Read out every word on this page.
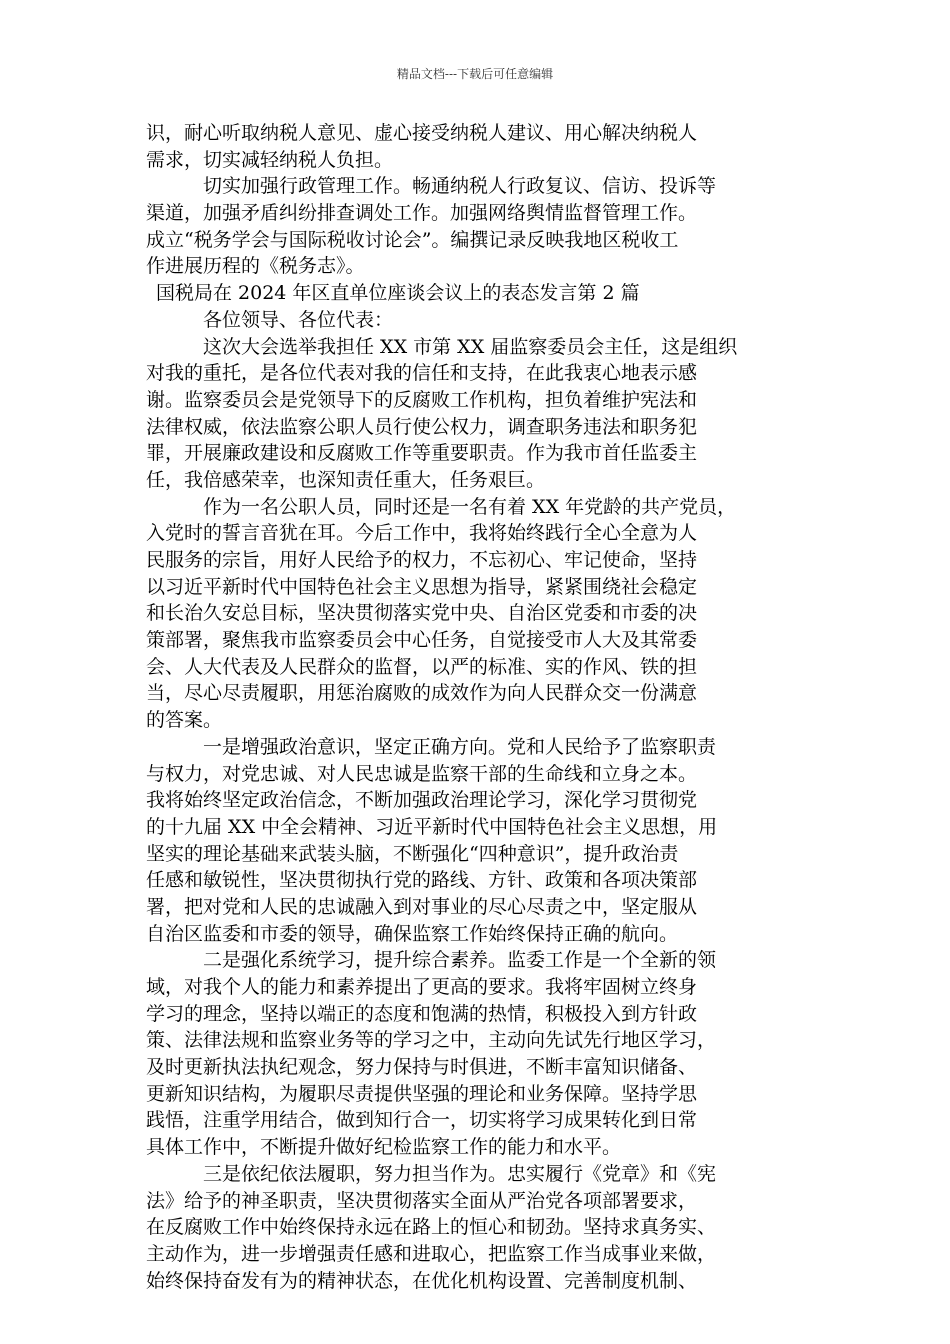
精品文档---下载后可任意编辑
识，耐心听取纳税人意见、虚心接受纳税人建议、用心解决纳税人
需求，切实减轻纳税人负担。
切实加强行政管理工作。畅通纳税人行政复议、信访、投诉等
渠道，加强矛盾纠纷排查调处工作。加强网络舆情监督管理工作。
成立“税务学会与国际税收讨论会”。编撰记录反映我地区税收工
作进展历程的《税务志》。
国税局在 2024 年区直单位座谈会议上的表态发言第 2 篇
各位领导、各位代表：
这次大会选举我担任 XX 市第 XX 届监察委员会主任，这是组织
对我的重托，是各位代表对我的信任和支持，在此我衷心地表示感
谢。监察委员会是党领导下的反腐败工作机构，担负着维护宪法和
法律权威，依法监察公职人员行使公权力，调查职务违法和职务犯
罪，开展廉政建设和反腐败工作等重要职责。作为我市首任监委主
任，我倍感荣幸，也深知责任重大，任务艰巨。
作为一名公职人员，同时还是一名有着 XX 年党龄的共产党员，
入党时的誓言音犹在耳。今后工作中，我将始终践行全心全意为人
民服务的宗旨，用好人民给予的权力，不忘初心、牢记使命，坚持
以习近平新时代中国特色社会主义思想为指导，紧紧围绕社会稳定
和长治久安总目标，坚决贯彻落实党中央、自治区党委和市委的决
策部署，聚焦我市监察委员会中心任务，自觉接受市人大及其常委
会、人大代表及人民群众的监督，以严的标准、实的作风、铁的担
当，尽心尽责履职，用惩治腐败的成效作为向人民群众交一份满意
的答案。
一是增强政治意识，坚定正确方向。党和人民给予了监察职责
与权力，对党忠诚、对人民忠诚是监察干部的生命线和立身之本。
我将始终坚定政治信念，不断加强政治理论学习，深化学习贯彻党
的十九届 XX 中全会精神、习近平新时代中国特色社会主义思想，用
坚实的理论基础来武装头脑，不断强化“四种意识”，提升政治责
任感和敏锐性，坚决贯彻执行党的路线、方针、政策和各项决策部
署，把对党和人民的忠诚融入到对事业的尽心尽责之中，坚定服从
自治区监委和市委的领导，确保监察工作始终保持正确的航向。
二是强化系统学习，提升综合素养。监委工作是一个全新的领
域，对我个人的能力和素养提出了更高的要求。我将牢固树立终身
学习的理念，坚持以端正的态度和饱满的热情，积极投入到方针政
策、法律法规和监察业务等的学习之中，主动向先试先行地区学习，
及时更新执法执纪观念，努力保持与时俱进，不断丰富知识储备、
更新知识结构，为履职尽责提供坚强的理论和业务保障。坚持学思
践悟，注重学用结合，做到知行合一，切实将学习成果转化到日常
具体工作中，不断提升做好纪检监察工作的能力和水平。
三是依纪依法履职，努力担当作为。忠实履行《党章》和《宪
法》给予的神圣职责，坚决贯彻落实全面从严治党各项部署要求，
在反腐败工作中始终保持永远在路上的恒心和韧劲。坚持求真务实、
主动作为，进一步增强责任感和进取心，把监察工作当成事业来做，
始终保持奋发有为的精神状态，在优化机构设置、完善制度机制、
